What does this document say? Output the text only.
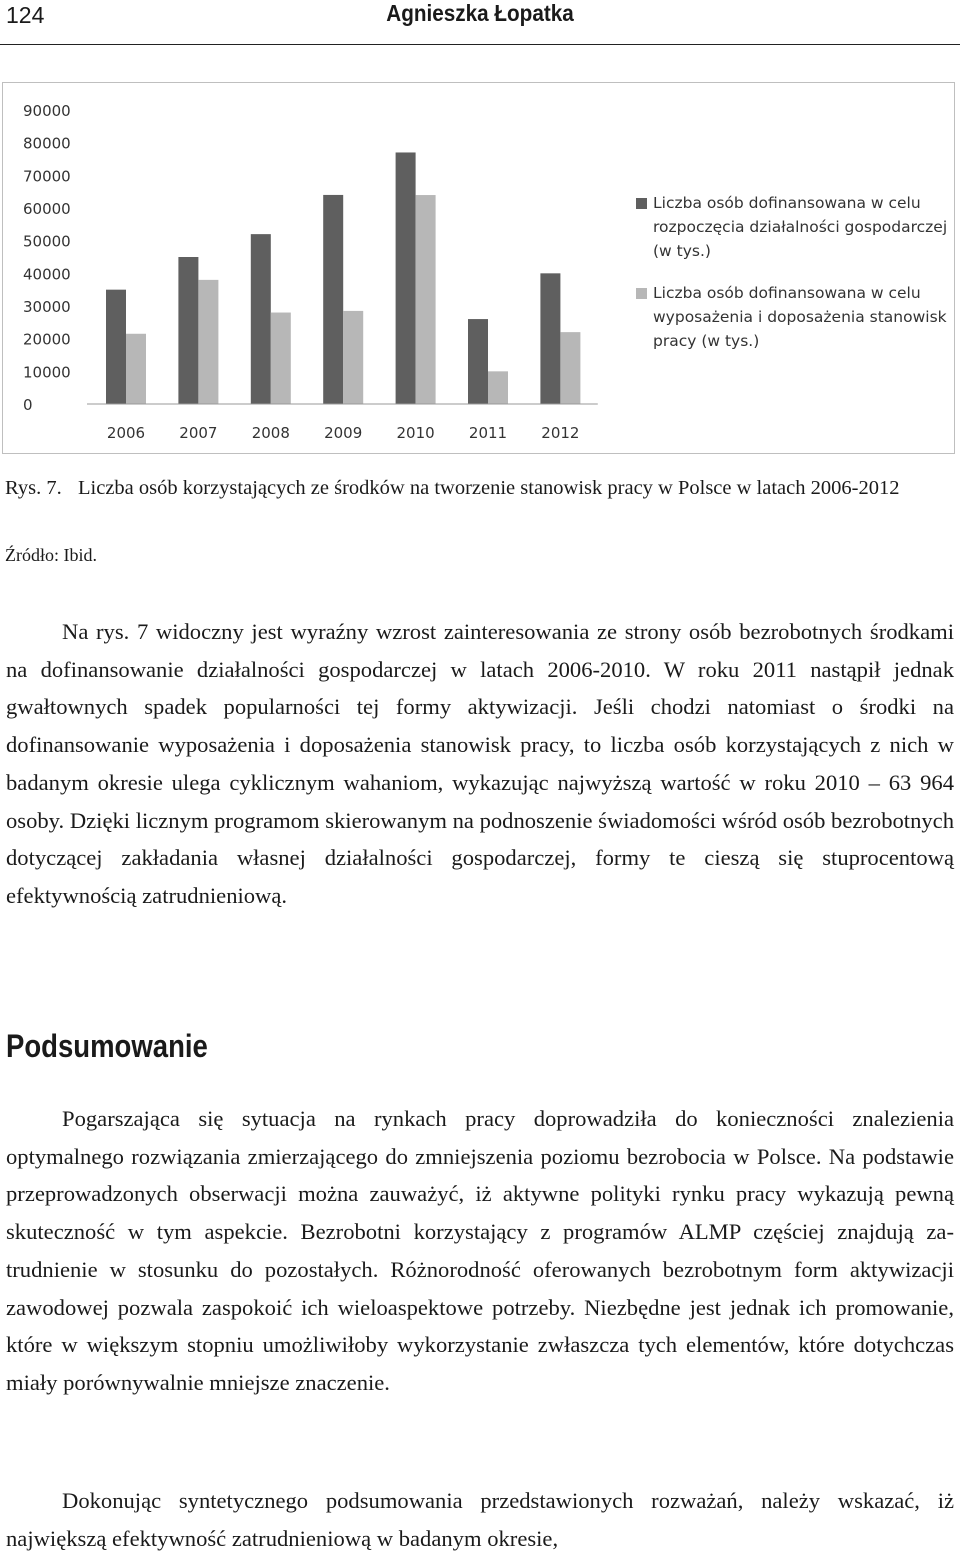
124	Agnieszka Łopatka
0
10000
20000
30000
40000
50000
60000
70000
80000
90000
2006 2007 2008 2009 2010 2011 2012
Liczba osób dofinansowana w celu rozpoczęcia działalności gospodarczej (w tys.)
Liczba osób dofinansowana w celu wyposażenia i doposażenia stanowisk pracy (w tys.)
Rys. 7. Liczba osób korzystających ze środków na tworzenie stanowisk pracy w Polsce w latach 2006-2012
Źródło: Ibid.

Na rys. 7 widoczny jest wyraźny wzrost zainteresowania ze strony osób bezrobotnych środkami na dofinansowanie działalności gospodarczej w latach 2006-2010. W roku 2011 nastąpił jednak gwałtownych spadek popularności tej formy aktywizacji. Jeśli chodzi natomiast o środki na dofinansowanie wyposażenia i doposażenia stanowisk pracy, to liczba osób korzystających z nich w badanym okresie ulega cyklicznym wahaniom, wykazując najwyższą wartość w roku 2010 – 63 964 osoby. Dzięki licznym programom skierowanym na podnoszenie świadomości wśród osób bezrobotnych dotyczącej zakładania własnej działalności gospodarczej, formy te cieszą się stuprocentową efektywnością zatrudnieniową.

Podsumowanie

Pogarszająca się sytuacja na rynkach pracy doprowadziła do konieczności znalezienia optymalnego rozwiązania zmierzającego do zmniejszenia poziomu bezrobocia w Polsce. Na podstawie przeprowadzonych obserwacji można zauważyć, iż aktywne polityki rynku pracy wykazują pewną skuteczność w tym aspekcie. Bezrobotni korzystający z programów ALMP częściej znajdują zatrudnienie w stosunku do pozostałych. Różnorodność oferowanych bezrobotnym form aktywizacji zawodowej pozwala zaspokoić ich wieloaspektowe potrzeby. Niezbędne jest jednak ich promowanie, które w większym stopniu umożliwiłoby wykorzystanie zwłaszcza tych elementów, które dotychczas miały porównywalnie mniejsze znaczenie.

Dokonując syntetycznego podsumowania przedstawionych rozważań, należy wskazać, iż największą efektywność zatrudnieniową w badanym okresie,
